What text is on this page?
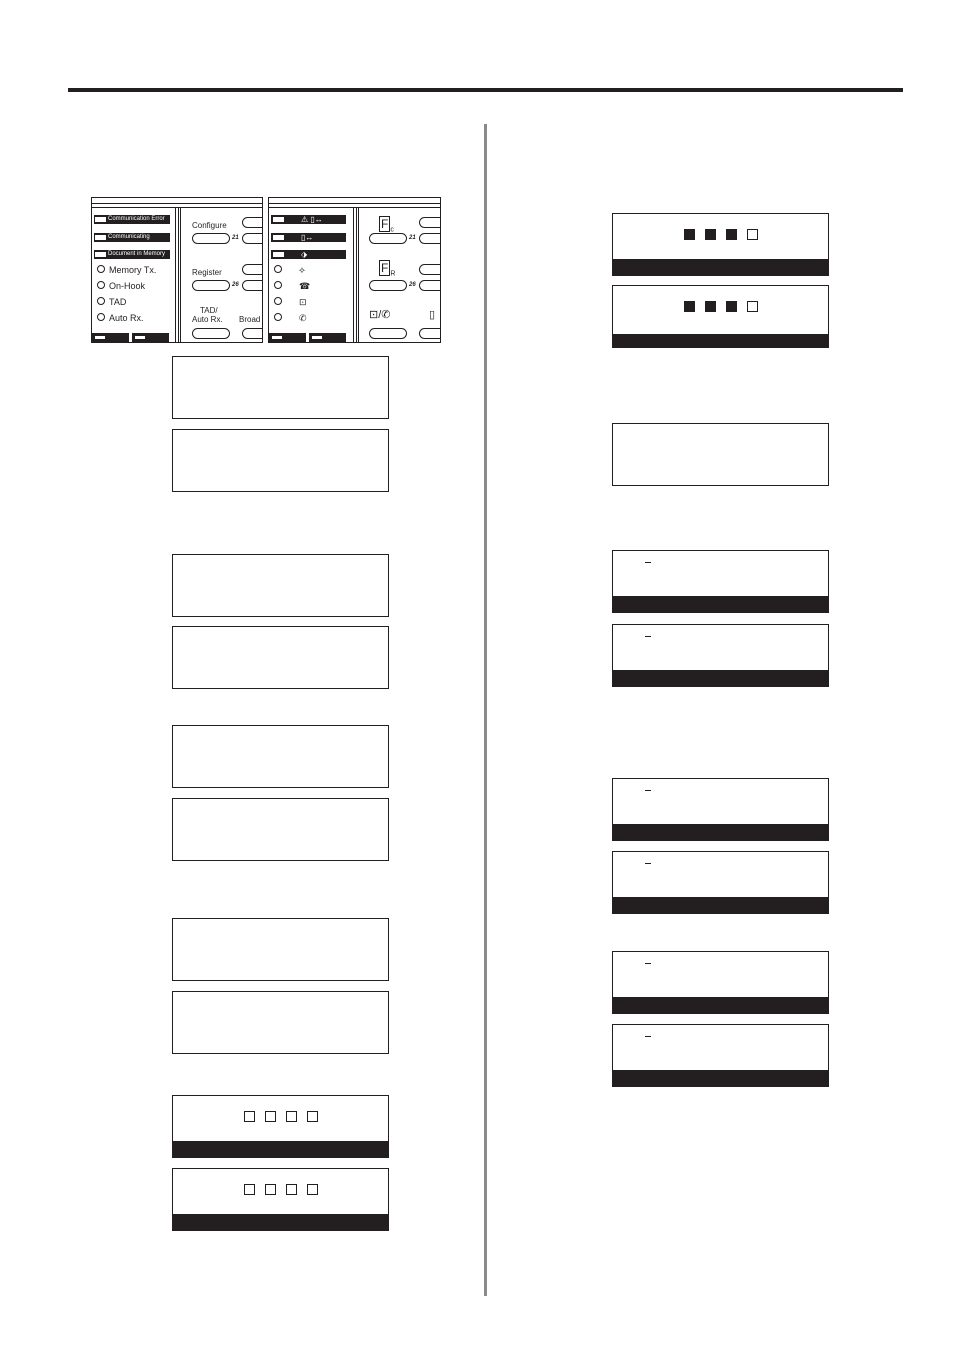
Communication Error
Communicating
Document in Memory
Memory Tx.
On-Hook
TAD
Auto Rx.
Configure
21
Register
26
TAD/
Auto Rx. Broad
⚠ ▯↔
▯↔
⬗
⟡
☎
⊡
✆
F $_c$
21
F $_R$
26
⊡/✆	▯
